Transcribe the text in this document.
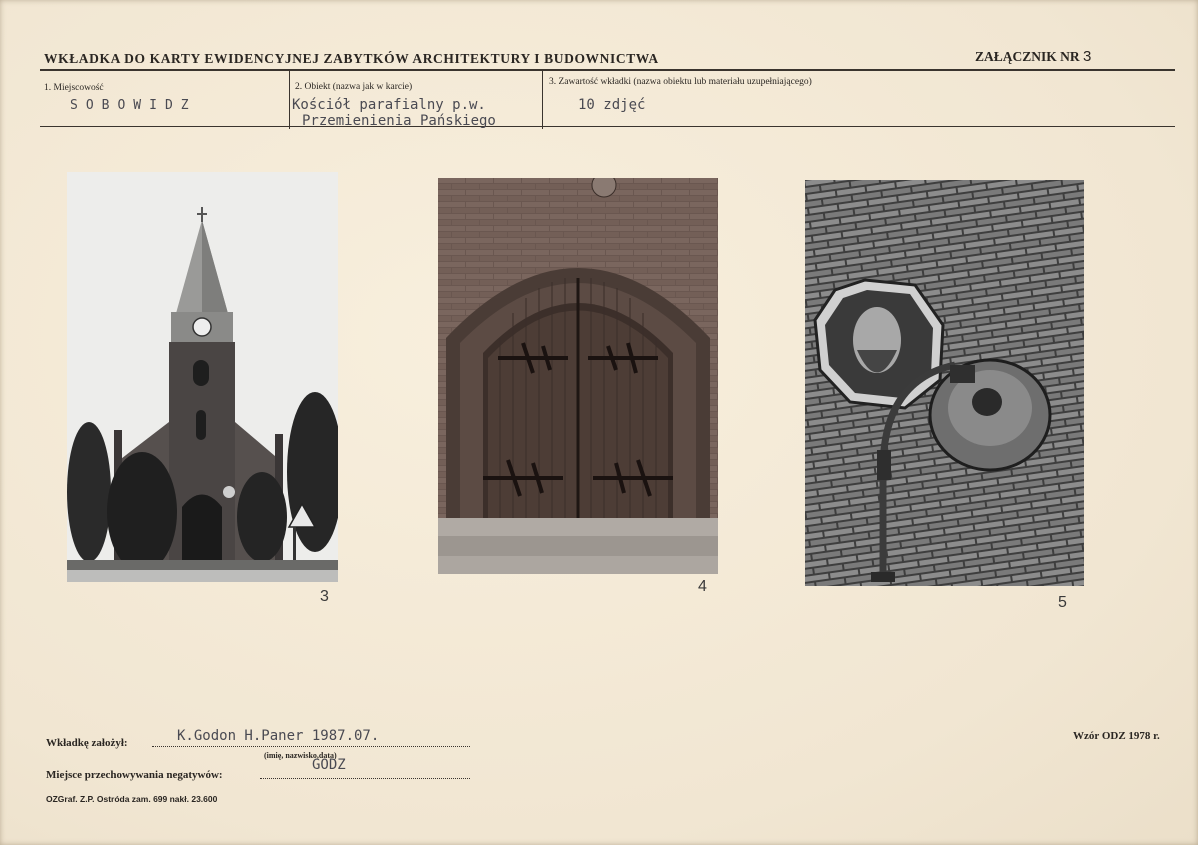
WKŁADKA DO KARTY EWIDENCYJNEJ ZABYTKÓW ARCHITEKTURY I BUDOWNICTWA	ZAŁĄCZNIK NR 3
1. Miejscowość
SOBOWIDZ
2. Obiekt (nazwa jak w karcie)
Kościół parafialny p.w.
Przemienienia Pańskiego
3. Zawartość wkładki (nazwa obiektu lub materiału uzupełniającego)
10 zdjęć
3
4
5
Wkładkę założył:	K.Godon H.Paner 1987.07.
(imię, nazwisko,data)
Miejsce przechowywania negatywów:
GODZ
Wzór ODZ 1978 r.
OZGraf. Z.P. Ostróda zam. 699 nakł. 23.600
